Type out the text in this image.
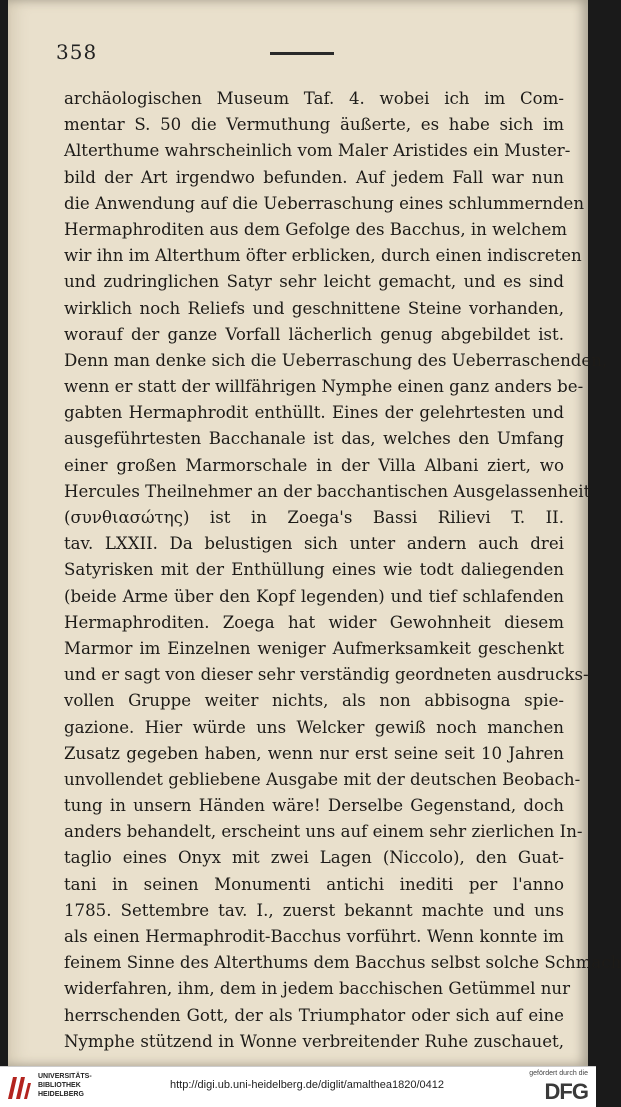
358
archäologischen Museum Taf. 4. wobei ich im Com-
mentar S. 50 die Vermuthung äußerte, es habe sich im
Alterthume wahrscheinlich vom Maler Aristides ein Muster-
bild der Art irgendwo befunden. Auf jedem Fall war nun
die Anwendung auf die Ueberraschung eines schlummernden
Hermaphroditen aus dem Gefolge des Bacchus, in welchem
wir ihn im Alterthum öfter erblicken, durch einen indiscreten
und zudringlichen Satyr sehr leicht gemacht, und es sind
wirklich noch Reliefs und geschnittene Steine vorhanden,
worauf der ganze Vorfall lächerlich genug abgebildet ist.
Denn man denke sich die Ueberraschung des Ueberraschenden,
wenn er statt der willfährigen Nymphe einen ganz anders be-
gabten Hermaphrodit enthüllt. Eines der gelehrtesten und
ausgeführtesten Bacchanale ist das, welches den Umfang
einer großen Marmorschale in der Villa Albani ziert, wo
Hercules Theilnehmer an der bacchantischen Ausgelassenheit
(συνθιασώτης) ist in Zoega's Bassi Rilievi T. II.
tav. LXXII. Da belustigen sich unter andern auch drei
Satyrisken mit der Enthüllung eines wie todt daliegenden
(beide Arme über den Kopf legenden) und tief schlafenden
Hermaphroditen. Zoega hat wider Gewohnheit diesem
Marmor im Einzelnen weniger Aufmerksamkeit geschenkt
und er sagt von dieser sehr verständig geordneten ausdrucks-
vollen Gruppe weiter nichts, als non abbisogna spie-
gazione. Hier würde uns Welcker gewiß noch manchen
Zusatz gegeben haben, wenn nur erst seine seit 10 Jahren
unvollendet gebliebene Ausgabe mit der deutschen Beobach-
tung in unsern Händen wäre! Derselbe Gegenstand, doch
anders behandelt, erscheint uns auf einem sehr zierlichen In-
taglio eines Onyx mit zwei Lagen (Niccolo), den Guat-
tani in seinen Monumenti antichi inediti per l'anno
1785. Settembre tav. I., zuerst bekannt machte und uns
als einen Hermaphrodit-Bacchus vorführt. Wenn konnte im
feinem Sinne des Alterthums dem Bacchus selbst solche Schmach
widerfahren, ihm, dem in jedem bacchischen Getümmel nur
herrschenden Gott, der als Triumphator oder sich auf eine
Nymphe stützend in Wonne verbreitender Ruhe zuschauet,
UNIVERSITÄTS-
BIBLIOTHEK
HEIDELBERG
http://digi.ub.uni-heidelberg.de/diglit/amalthea1820/0412
gefördert durch die
DFG
